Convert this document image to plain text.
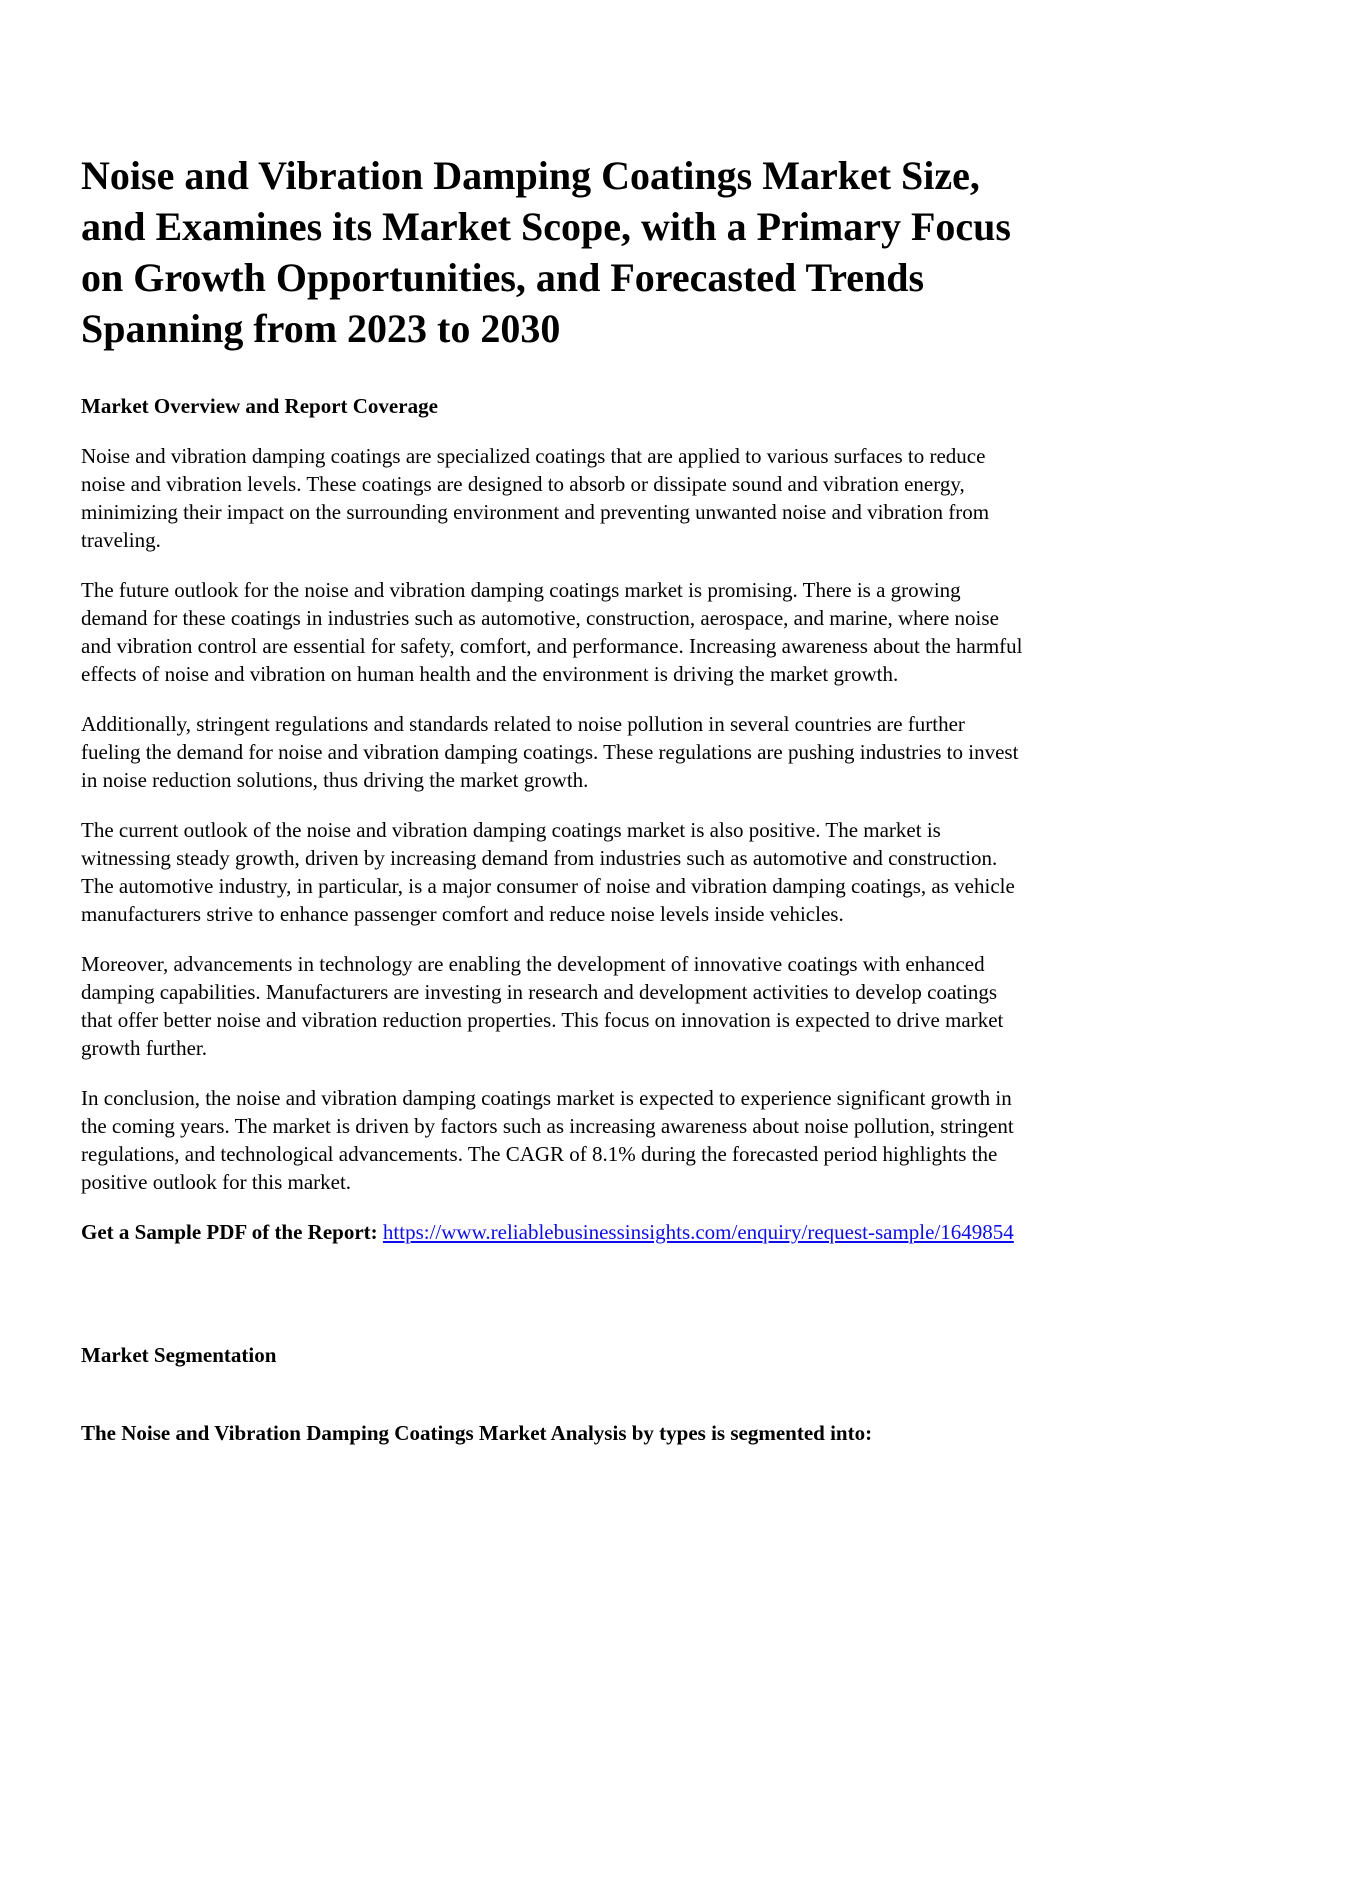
Noise and Vibration Damping Coatings Market Size, and Examines its Market Scope, with a Primary Focus on Growth Opportunities, and Forecasted Trends Spanning from 2023 to 2030
Market Overview and Report Coverage

Noise and vibration damping coatings are specialized coatings that are applied to various surfaces to reduce noise and vibration levels. These coatings are designed to absorb or dissipate sound and vibration energy, minimizing their impact on the surrounding environment and preventing unwanted noise and vibration from traveling.

The future outlook for the noise and vibration damping coatings market is promising. There is a growing demand for these coatings in industries such as automotive, construction, aerospace, and marine, where noise and vibration control are essential for safety, comfort, and performance. Increasing awareness about the harmful effects of noise and vibration on human health and the environment is driving the market growth.

Additionally, stringent regulations and standards related to noise pollution in several countries are further fueling the demand for noise and vibration damping coatings. These regulations are pushing industries to invest in noise reduction solutions, thus driving the market growth.

The current outlook of the noise and vibration damping coatings market is also positive. The market is witnessing steady growth, driven by increasing demand from industries such as automotive and construction. The automotive industry, in particular, is a major consumer of noise and vibration damping coatings, as vehicle manufacturers strive to enhance passenger comfort and reduce noise levels inside vehicles.

Moreover, advancements in technology are enabling the development of innovative coatings with enhanced damping capabilities. Manufacturers are investing in research and development activities to develop coatings that offer better noise and vibration reduction properties. This focus on innovation is expected to drive market growth further.

In conclusion, the noise and vibration damping coatings market is expected to experience significant growth in the coming years. The market is driven by factors such as increasing awareness about noise pollution, stringent regulations, and technological advancements. The CAGR of 8.1% during the forecasted period highlights the positive outlook for this market.

Get a Sample PDF of the Report: https://www.reliablebusinessinsights.com/enquiry/request-sample/1649854

Market Segmentation

The Noise and Vibration Damping Coatings Market Analysis by types is segmented into:
